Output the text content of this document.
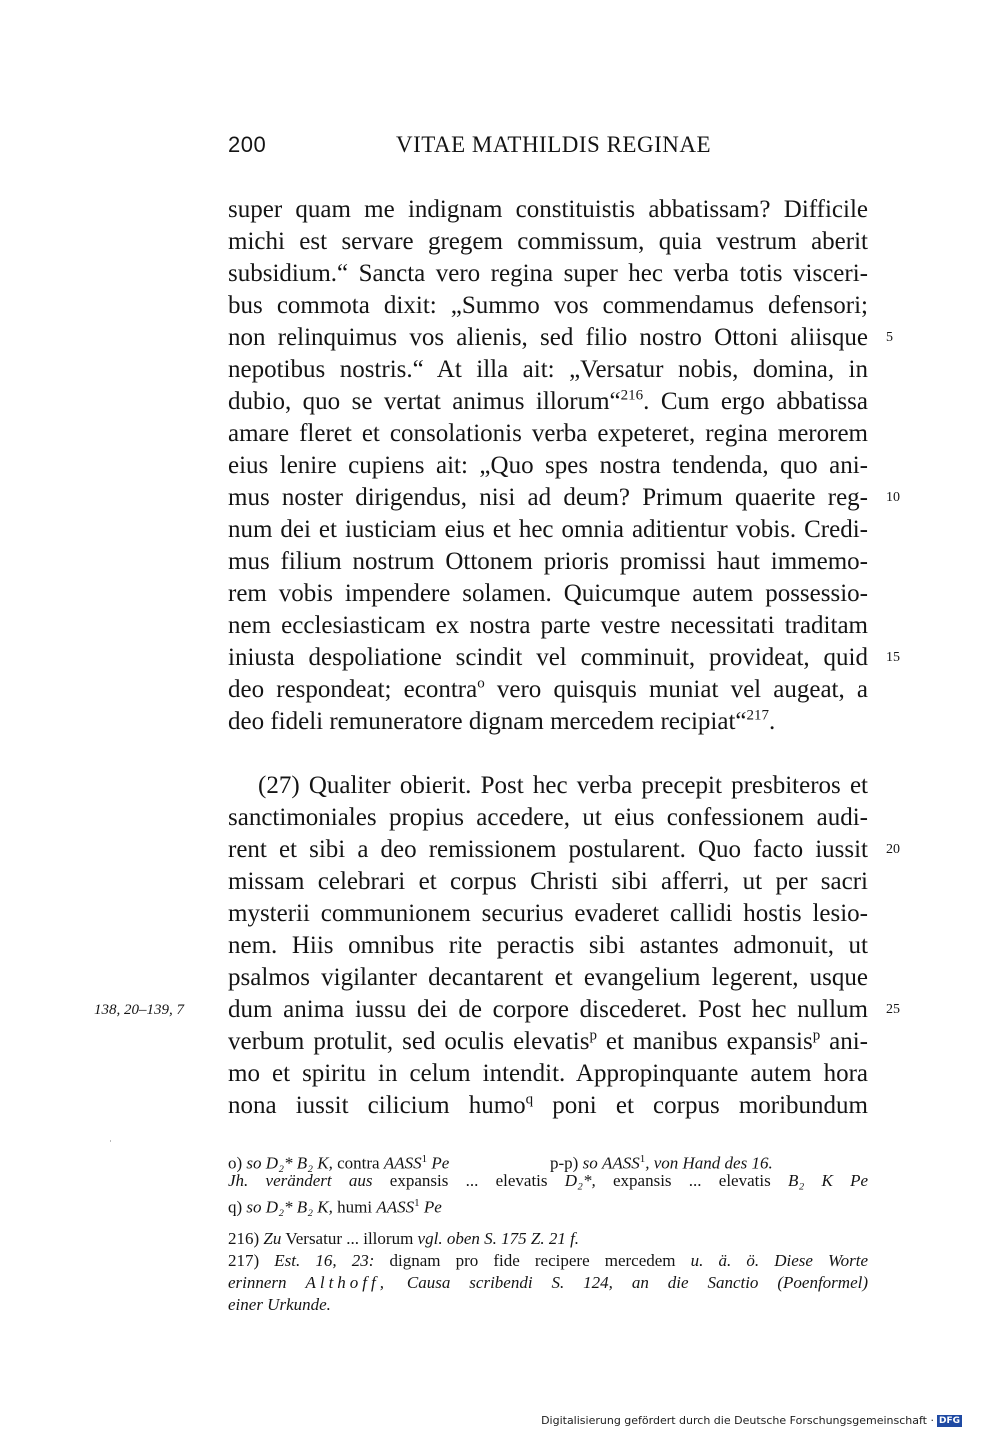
200	VITAE MATHILDIS REGINAE
super quam me indignam constituistis abbatissam? Difficile
michi est servare gregem commissum, quia vestrum aberit
subsidium.“ Sancta vero regina super hec verba totis visceri-
bus commota dixit: „Summo vos commendamus defensori;
non relinquimus vos alienis, sed filio nostro Ottoni aliisque
nepotibus nostris.“ At illa ait: „Versatur nobis, domina, in
dubio, quo se vertat animus illorum“$^{216}$. Cum ergo abbatissa
amare fleret et consolationis verba expeteret, regina merorem
eius lenire cupiens ait: „Quo spes nostra tendenda, quo ani-
mus noster dirigendus, nisi ad deum? Primum quaerite reg-
num dei et iusticiam eius et hec omnia aditientur vobis. Credi-
mus filium nostrum Ottonem prioris promissi haut immemo-
rem vobis impendere solamen. Quicumque autem possessio-
nem ecclesiasticam ex nostra parte vestre necessitati traditam
iniusta despoliatione scindit vel comminuit, provideat, quid
deo respondeat; econtra$^o$ vero quisquis muniat vel augeat, a
deo fideli remuneratore dignam mercedem recipiat“$^{217}$.
(27) Qualiter obierit. Post hec verba precepit presbiteros et
sanctimoniales propius accedere, ut eius confessionem audi-
rent et sibi a deo remissionem postularent. Quo facto iussit
missam celebrari et corpus Christi sibi afferri, ut per sacri
mysterii communionem securius evaderet callidi hostis lesio-
nem. Hiis omnibus rite peractis sibi astantes admonuit, ut
psalmos vigilanter decantarent et evangelium legerent, usque
dum anima iussu dei de corpore discederet. Post hec nullum
verbum protulit, sed oculis elevatis$^p$ et manibus expansis$^p$ ani-
mo et spiritu in celum intendit. Appropinquante autem hora
nona iussit cilicium humo$^q$ poni et corpus moribundum
5
10
15
20
25
138, 20–139, 7
o) so D₂* B₂ K, contra AASS$^1$ Pe	p-p) so AASS$^1$, von Hand des 16.
Jh. verändert aus expansis ... elevatis D₂*, expansis ... elevatis B₂ K Pe
q) so D₂* B₂ K, humi AASS$^1$ Pe
216) Zu Versatur ... illorum vgl. oben S. 175 Z. 21 f.
217) Est. 16, 23: dignam pro fide recipere mercedem u. ä. ö. Diese Worte
erinnern Althoff, Causa scribendi S. 124, an die Sanctio (Poenformel)
einer Urkunde.
Digitalisierung gefördert durch die Deutsche Forschungsgemeinschaft · DFG
